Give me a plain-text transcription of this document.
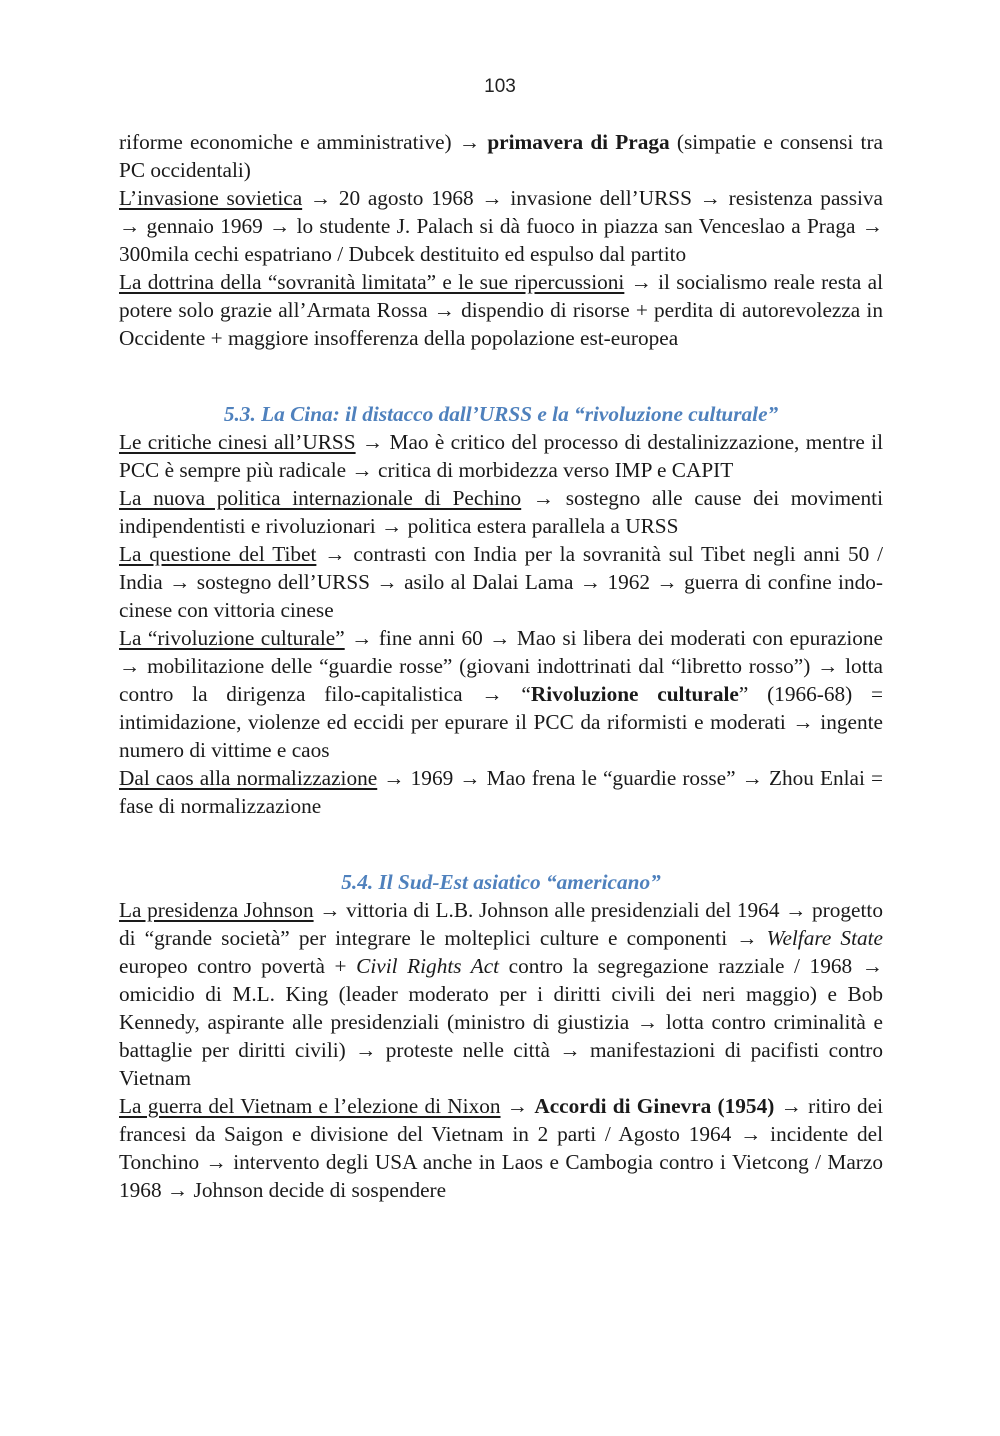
103

riforme economiche e amministrative) → primavera di Praga (simpatie e consensi tra PC occidentali)

L’invasione sovietica → 20 agosto 1968 → invasione dell’URSS → resistenza passiva → gennaio 1969 → lo studente J. Palach si dà fuoco in piazza san Venceslao a Praga → 300mila cechi espatriano / Dubcek destituito ed espulso dal partito

La dottrina della “sovranità limitata” e le sue ripercussioni → il socialismo reale resta al potere solo grazie all’Armata Rossa → dispendio di risorse + perdita di autorevolezza in Occidente + maggiore insofferenza della popolazione est-europea

5.3. La Cina: il distacco dall’URSS e la “rivoluzione culturale”

Le critiche cinesi all’URSS → Mao è critico del processo di destalinizzazione, mentre il PCC è sempre più radicale → critica di morbidezza verso IMP e CAPIT

La nuova politica internazionale di Pechino → sostegno alle cause dei movimenti indipendentisti e rivoluzionari → politica estera parallela a URSS

La questione del Tibet → contrasti con India per la sovranità sul Tibet negli anni 50 / India → sostegno dell’URSS → asilo al Dalai Lama → 1962 → guerra di confine indo-cinese con vittoria cinese

La “rivoluzione culturale” → fine anni 60 → Mao si libera dei moderati con epurazione → mobilitazione delle “guardie rosse” (giovani indottrinati dal “libretto rosso”) → lotta contro la dirigenza filo-capitalistica → “Rivoluzione culturale” (1966-68) = intimidazione, violenze ed eccidi per epurare il PCC da riformisti e moderati → ingente numero di vittime e caos

Dal caos alla normalizzazione → 1969 → Mao frena le “guardie rosse” → Zhou Enlai = fase di normalizzazione

5.4. Il Sud-Est asiatico “americano”

La presidenza Johnson → vittoria di L.B. Johnson alle presidenziali del 1964 → progetto di “grande società” per integrare le molteplici culture e componenti → Welfare State europeo contro povertà + Civil Rights Act contro la segregazione razziale / 1968 → omicidio di M.L. King (leader moderato per i diritti civili dei neri maggio) e Bob Kennedy, aspirante alle presidenziali (ministro di giustizia → lotta contro criminalità e battaglie per diritti civili) → proteste nelle città → manifestazioni di pacifisti contro Vietnam

La guerra del Vietnam e l’elezione di Nixon → Accordi di Ginevra (1954) → ritiro dei francesi da Saigon e divisione del Vietnam in 2 parti / Agosto 1964 → incidente del Tonchino → intervento degli USA anche in Laos e Cambogia contro i Vietcong / Marzo 1968 → Johnson decide di sospendere
